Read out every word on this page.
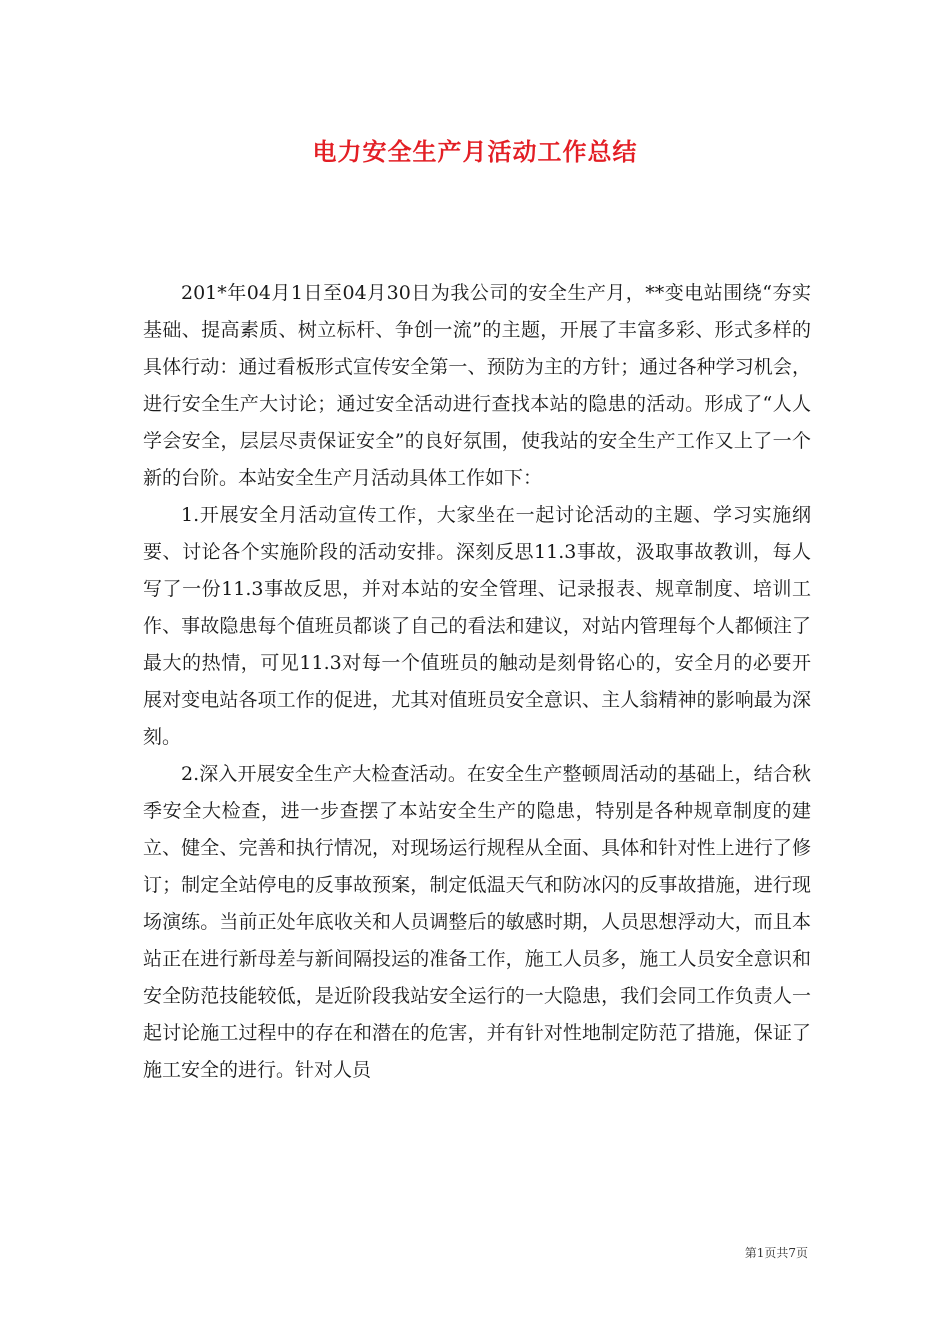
电力安全生产月活动工作总结

201*年04月1日至04月30日为我公司的安全生产月，**变电站围绕“夯实基础、提高素质、树立标杆、争创一流”的主题，开展了丰富多彩、形式多样的具体行动：通过看板形式宣传安全第一、预防为主的方针；通过各种学习机会，进行安全生产大讨论；通过安全活动进行查找本站的隐患的活动。形成了“人人学会安全，层层尽责保证安全”的良好氛围，使我站的安全生产工作又上了一个新的台阶。本站安全生产月活动具体工作如下：

1.开展安全月活动宣传工作，大家坐在一起讨论活动的主题、学习实施纲要、讨论各个实施阶段的活动安排。深刻反思11.3事故，汲取事故教训，每人写了一份11.3事故反思，并对本站的安全管理、记录报表、规章制度、培训工作、事故隐患每个值班员都谈了自己的看法和建议，对站内管理每个人都倾注了最大的热情，可见11.3对每一个值班员的触动是刻骨铭心的，安全月的必要开展对变电站各项工作的促进，尤其对值班员安全意识、主人翁精神的影响最为深刻。

2.深入开展安全生产大检查活动。在安全生产整顿周活动的基础上，结合秋季安全大检查，进一步查摆了本站安全生产的隐患，特别是各种规章制度的建立、健全、完善和执行情况，对现场运行规程从全面、具体和针对性上进行了修订；制定全站停电的反事故预案，制定低温天气和防冰闪的反事故措施，进行现场演练。当前正处年底收关和人员调整后的敏感时期，人员思想浮动大，而且本站正在进行新母差与新间隔投运的准备工作，施工人员多，施工人员安全意识和安全防范技能较低，是近阶段我站安全运行的一大隐患，我们会同工作负责人一起讨论施工过程中的存在和潜在的危害，并有针对性地制定防范了措施，保证了施工安全的进行。针对人员

第1页共7页
